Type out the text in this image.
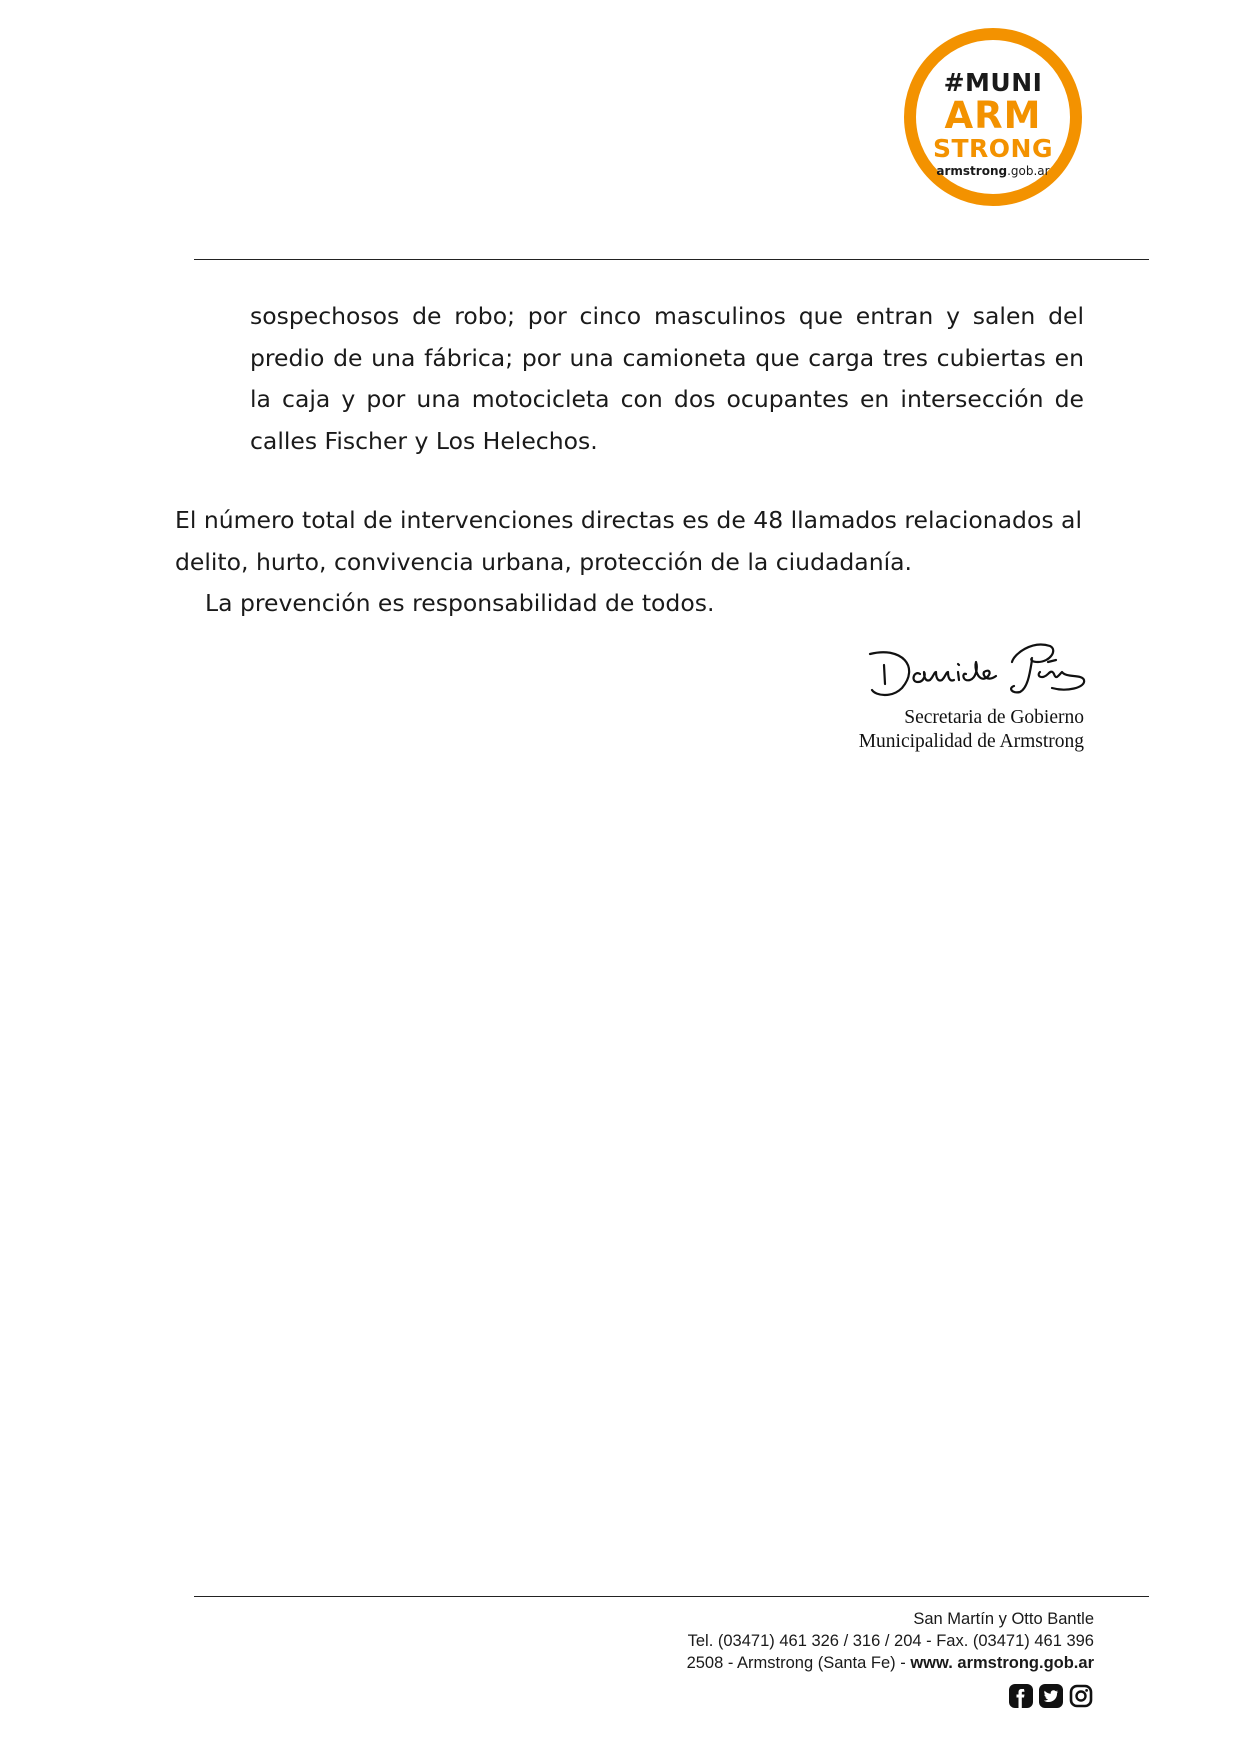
#MUNI
ARM
STRONG
armstrong.gob.ar
sospechosos de robo; por cinco masculinos que entran y salen del predio de una fábrica; por una camioneta que carga tres cubiertas en la caja y por una motocicleta con dos ocupantes en intersección de calles Fischer y Los Helechos.
El número total de intervenciones directas es de 48 llamados relacionados al delito, hurto, convivencia urbana, protección de la ciudadanía.
La prevención es responsabilidad de todos.
Secretaria de Gobierno
Municipalidad de Armstrong
San Martín y Otto Bantle
Tel. (03471) 461 326 / 316 / 204 - Fax. (03471) 461 396
2508 - Armstrong (Santa Fe) - www. armstrong.gob.ar
